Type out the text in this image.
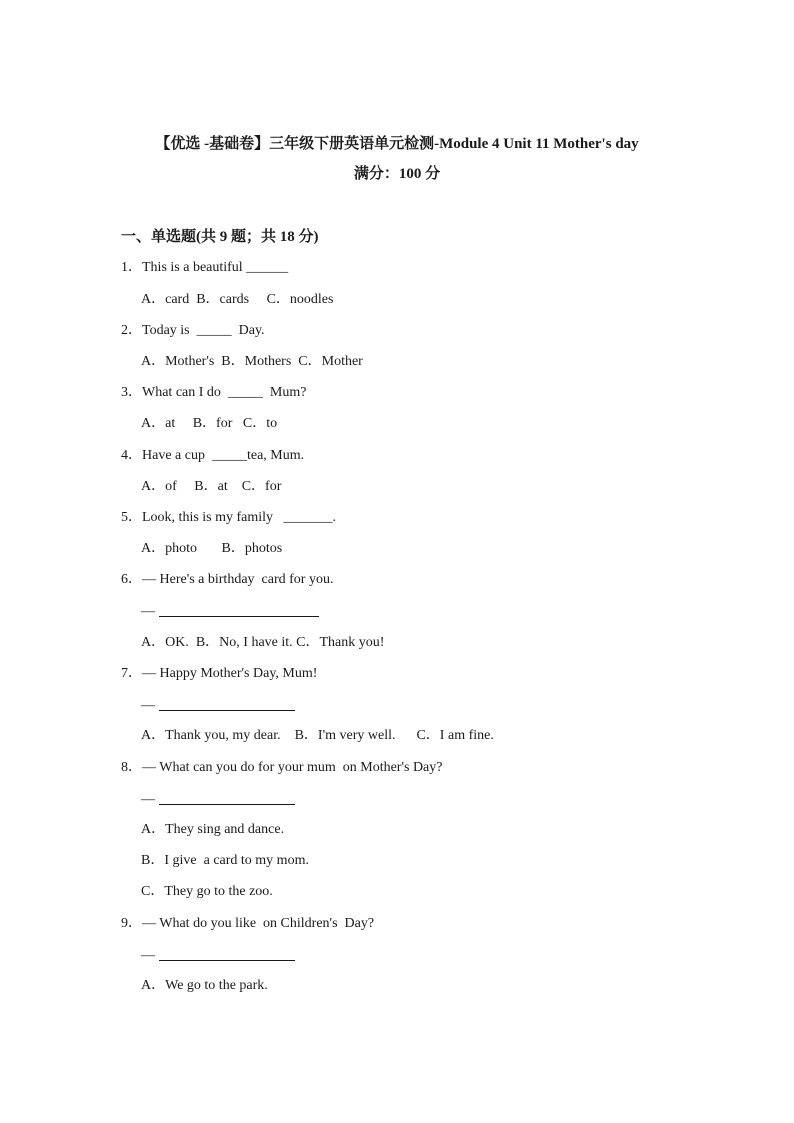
【优选 -基础卷】三年级下册英语单元检测-Module 4 Unit 11 Mother's day
满分：100 分
一、单选题(共 9 题；共 18 分)
1．This is a beautiful ______
A．card  B．cards     C．noodles
2．Today is  _____  Day.
A．Mother's  B．Mothers  C．Mother
3．What can I do  _____  Mum?
A．at     B．for   C．to
4．Have a cup  _____tea, Mum.
A．of     B．at    C．for
5．Look, this is my family   _______.
A．photo       B．photos
6．— Here's a birthday  card for you.
—
A．OK.  B．No, I have it. C．Thank you!
7．— Happy Mother's Day, Mum!
—
A．Thank you, my dear.    B．I'm very well.      C．I am fine.
8．— What can you do for your mum  on Mother's Day?
—
A．They sing and dance.
B．I give  a card to my mom.
C．They go to the zoo.
9．— What do you like  on Children's  Day?
—
A．We go to the park.
